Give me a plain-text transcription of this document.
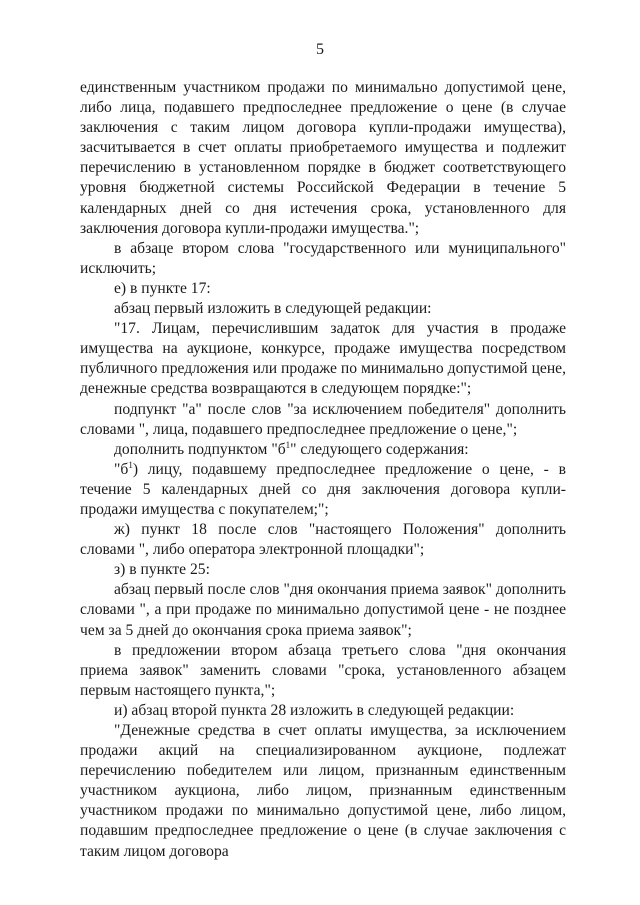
5

единственным участником продажи по минимально допустимой цене, либо лица, подавшего предпоследнее предложение о цене (в случае заключения с таким лицом договора купли-продажи имущества), засчитывается в счет оплаты приобретаемого имущества и подлежит перечислению в установленном порядке в бюджет соответствующего уровня бюджетной системы Российской Федерации в течение 5 календарных дней со дня истечения срока, установленного для заключения договора купли-продажи имущества.";

в абзаце втором слова "государственного или муниципального" исключить;

е) в пункте 17:

абзац первый изложить в следующей редакции:

"17. Лицам, перечислившим задаток для участия в продаже имущества на аукционе, конкурсе, продаже имущества посредством публичного предложения или продаже по минимально допустимой цене, денежные средства возвращаются в следующем порядке:";

подпункт "а" после слов "за исключением победителя" дополнить словами ", лица, подавшего предпоследнее предложение о цене,";

дополнить подпунктом "$б^1$" следующего содержания:

"$б^1$) лицу, подавшему предпоследнее предложение о цене, - в течение 5 календарных дней со дня заключения договора купли-продажи имущества с покупателем;";

ж) пункт 18 после слов "настоящего Положения" дополнить словами ", либо оператора электронной площадки";

з) в пункте 25:

абзац первый после слов "дня окончания приема заявок" дополнить словами ", а при продаже по минимально допустимой цене - не позднее чем за 5 дней до окончания срока приема заявок";

в предложении втором абзаца третьего слова "дня окончания приема заявок" заменить словами "срока, установленного абзацем первым настоящего пункта,";

и) абзац второй пункта 28 изложить в следующей редакции:

"Денежные средства в счет оплаты имущества, за исключением продажи акций на специализированном аукционе, подлежат перечислению победителем или лицом, признанным единственным участником аукциона, либо лицом, признанным единственным участником продажи по минимально допустимой цене, либо лицом, подавшим предпоследнее предложение о цене (в случае заключения с таким лицом договора
